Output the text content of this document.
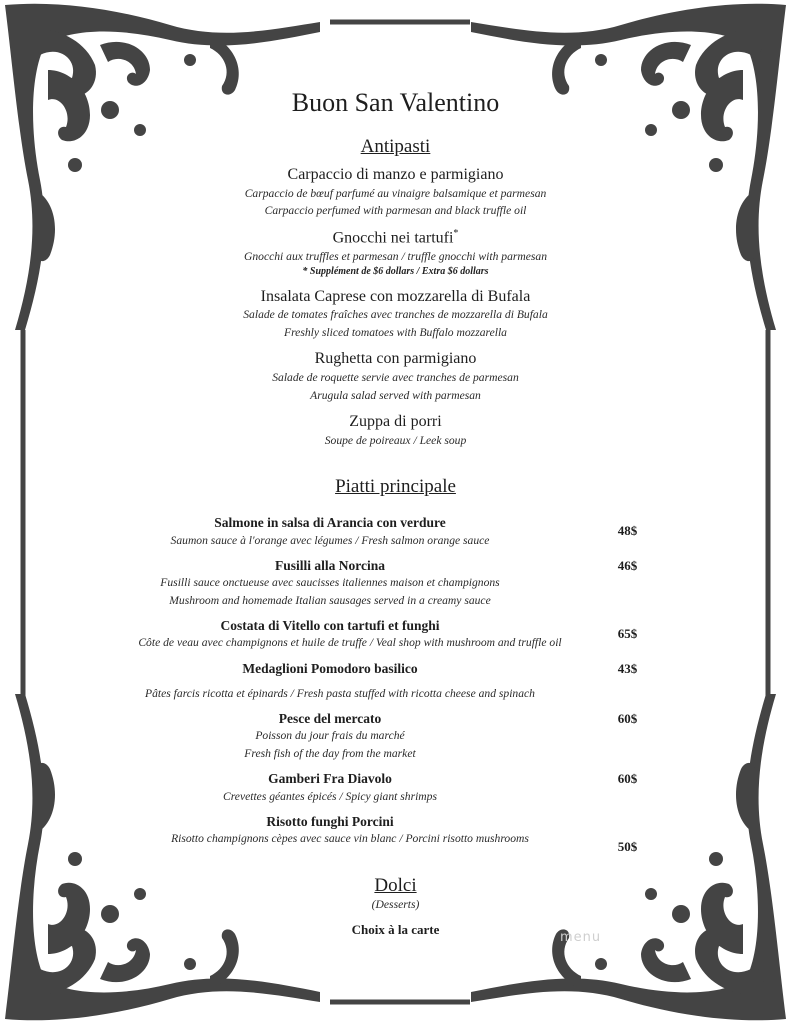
Buon San Valentino
Antipasti
Carpaccio di manzo e parmigiano
Carpaccio de bœuf parfumé au vinaigre balsamique et parmesan
Carpaccio perfumed with parmesan and black truffle oil
Gnocchi nei tartufi*
Gnocchi aux truffles et parmesan / truffle gnocchi with parmesan
* Supplément de $6 dollars / Extra $6 dollars
Insalata Caprese con mozzarella di Bufala
Salade de tomates fraîches avec tranches de mozzarella di Bufala
Freshly sliced tomatoes with Buffalo mozzarella
Rughetta con parmigiano
Salade de roquette servie avec tranches de parmesan
Arugula salad served with parmesan
Zuppa di porri
Soupe de poireaux / Leek soup
Piatti principale
Salmone in salsa di Arancia con verdure
Saumon sauce à l'orange avec légumes / Fresh salmon orange sauce
48$
Fusilli alla Norcina
Fusilli sauce onctueuse avec saucisses italiennes maison et champignons
Mushroom and homemade Italian sausages served in a creamy sauce
46$
Costata di Vitello con tartufi et funghi
Côte de veau avec champignons et huile de truffe / Veal shop with mushroom and truffle oil
65$
Medaglioni Pomodoro basilico
Pâtes farcis ricotta et épinards / Fresh pasta stuffed with ricotta cheese and spinach
43$
Pesce del mercato
Poisson du jour frais du marché
Fresh fish of the day from the market
60$
Gamberi Fra Diavolo
Crevettes géantes épicés / Spicy giant shrimps
60$
Risotto funghi Porcini
Risotto champignons cèpes avec sauce vin blanc / Porcini risotto mushrooms
50$
Dolci
(Desserts)
Choix à la carte
menu
